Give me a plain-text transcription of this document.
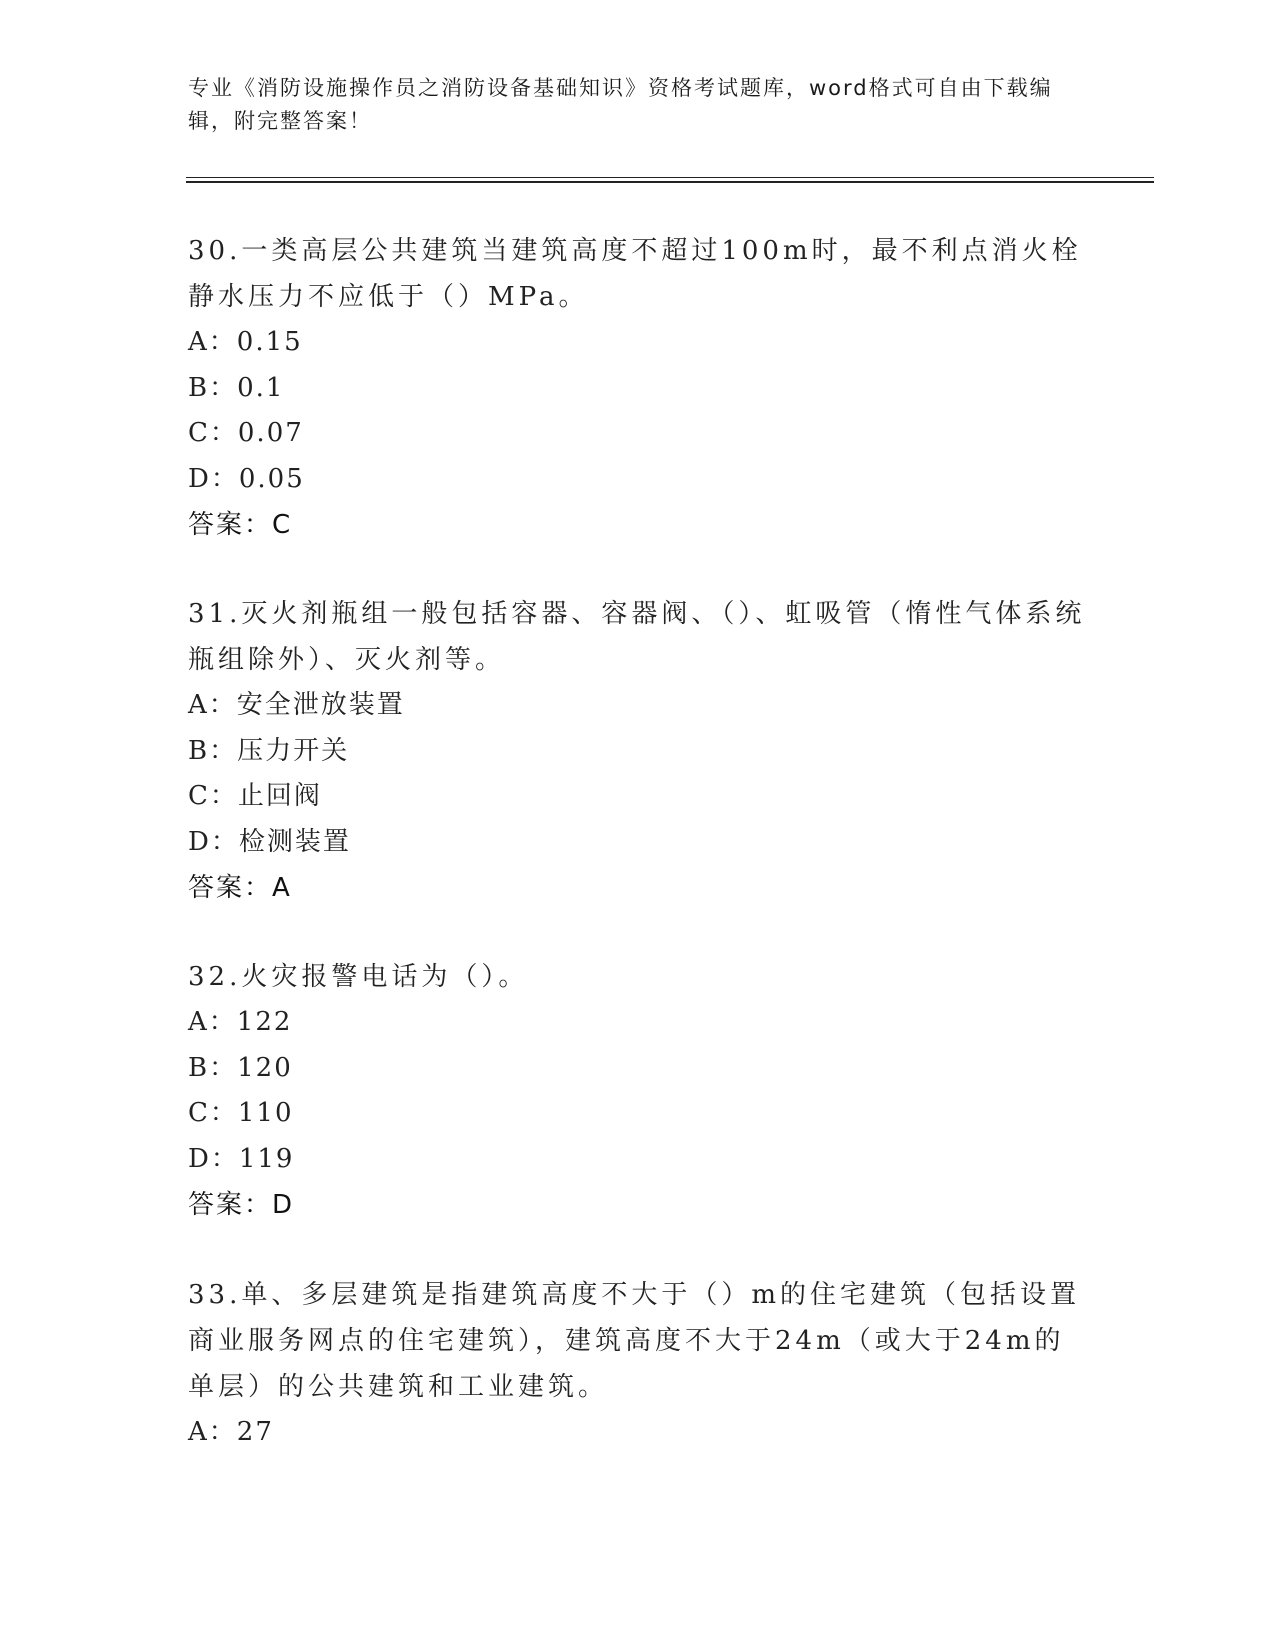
专业《消防设施操作员之消防设备基础知识》资格考试题库，word格式可自由下载编辑，附完整答案！
30.一类高层公共建筑当建筑高度不超过100m时，最不利点消火栓静水压力不应低于（）MPa。
A：0.15
B：0.1
C：0.07
D：0.05
答案：C
31.灭火剂瓶组一般包括容器、容器阀、（）、虹吸管（惰性气体系统瓶组除外）、灭火剂等。
A：安全泄放装置
B：压力开关
C：止回阀
D：检测装置
答案：A
32.火灾报警电话为（）。
A：122
B：120
C：110
D：119
答案：D
33.单、多层建筑是指建筑高度不大于（）m的住宅建筑（包括设置商业服务网点的住宅建筑），建筑高度不大于24m（或大于24m的单层）的公共建筑和工业建筑。
A：27
